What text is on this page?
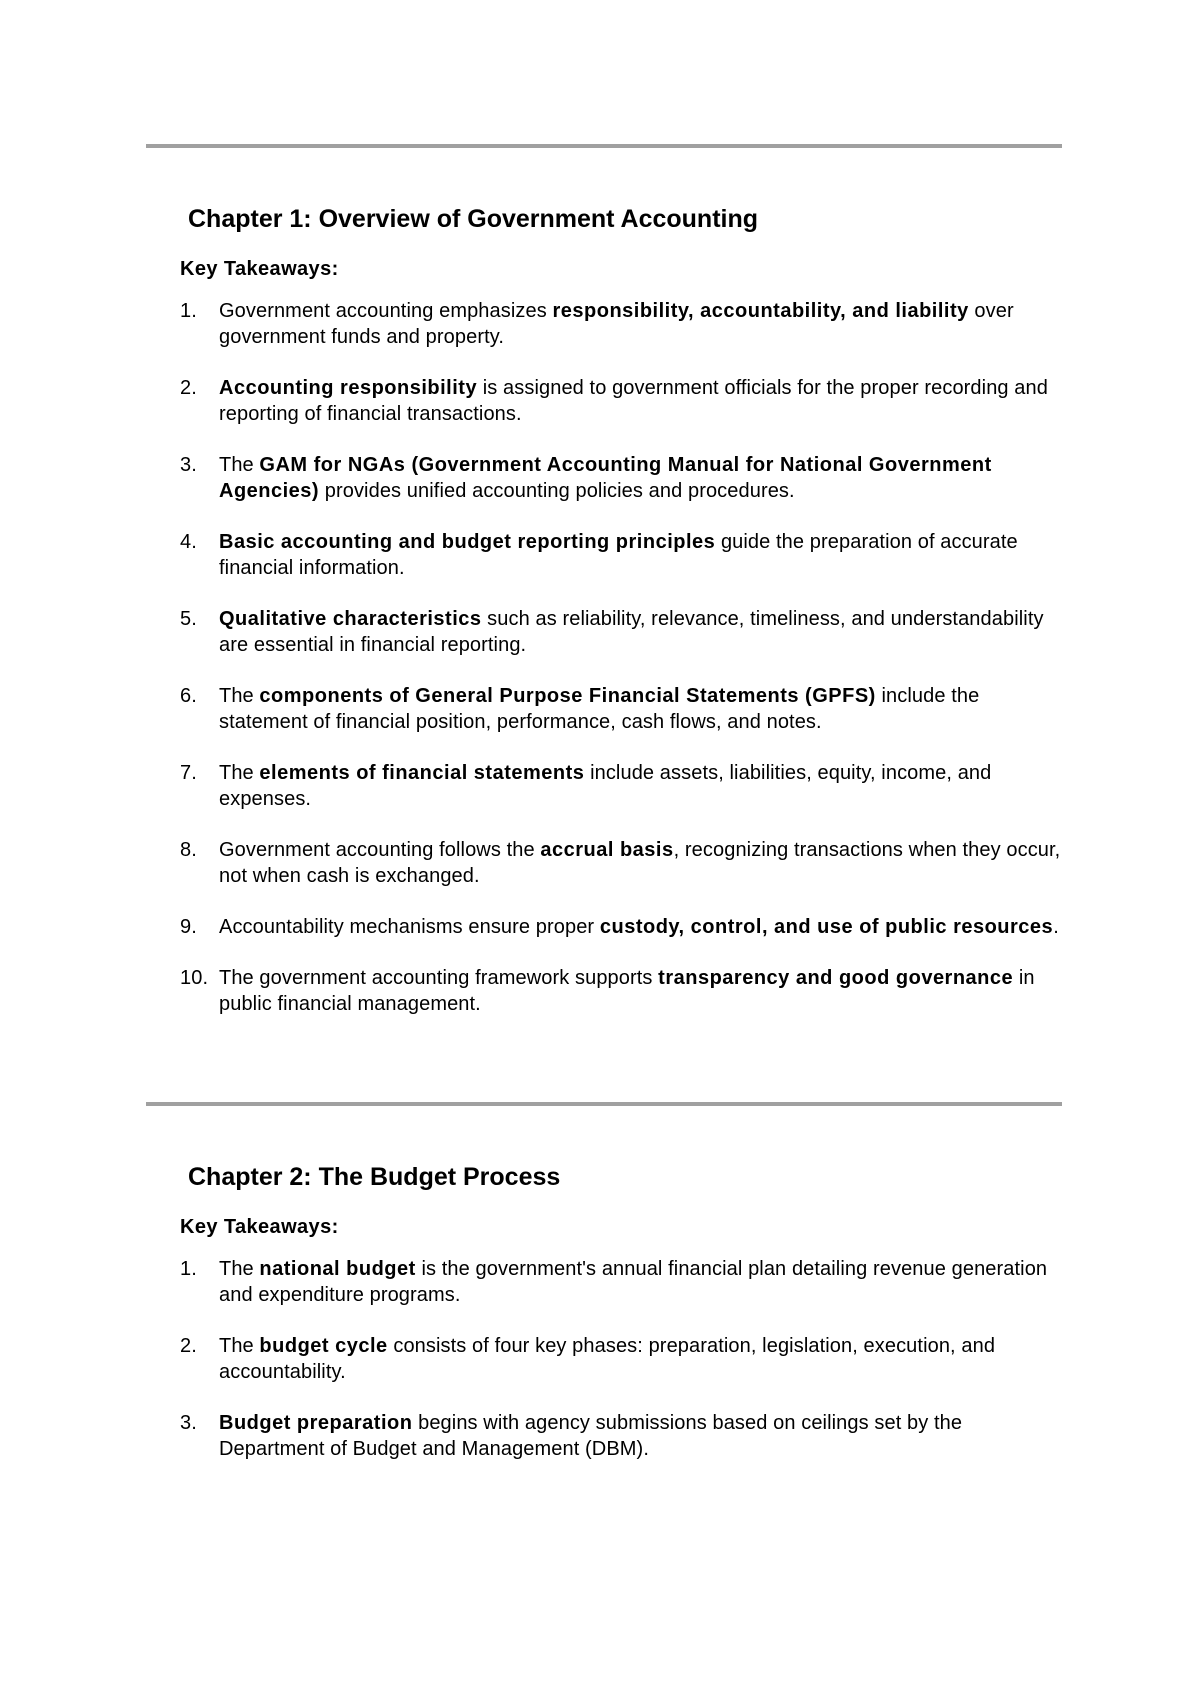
Chapter 1: Overview of Government Accounting
Key Takeaways:
1.	Government accounting emphasizes responsibility, accountability, and liability over government funds and property.
2.	Accounting responsibility is assigned to government officials for the proper recording and reporting of financial transactions.
3.	The GAM for NGAs (Government Accounting Manual for National Government Agencies) provides unified accounting policies and procedures.
4.	Basic accounting and budget reporting principles guide the preparation of accurate financial information.
5.	Qualitative characteristics such as reliability, relevance, timeliness, and understandability are essential in financial reporting.
6.	The components of General Purpose Financial Statements (GPFS) include the statement of financial position, performance, cash flows, and notes.
7.	The elements of financial statements include assets, liabilities, equity, income, and expenses.
8.	Government accounting follows the accrual basis, recognizing transactions when they occur, not when cash is exchanged.
9.	Accountability mechanisms ensure proper custody, control, and use of public resources.
10. The government accounting framework supports transparency and good governance in public financial management.
Chapter 2: The Budget Process
Key Takeaways:
1.	The national budget is the government's annual financial plan detailing revenue generation and expenditure programs.
2.	The budget cycle consists of four key phases: preparation, legislation, execution, and accountability.
3.	Budget preparation begins with agency submissions based on ceilings set by the Department of Budget and Management (DBM).
